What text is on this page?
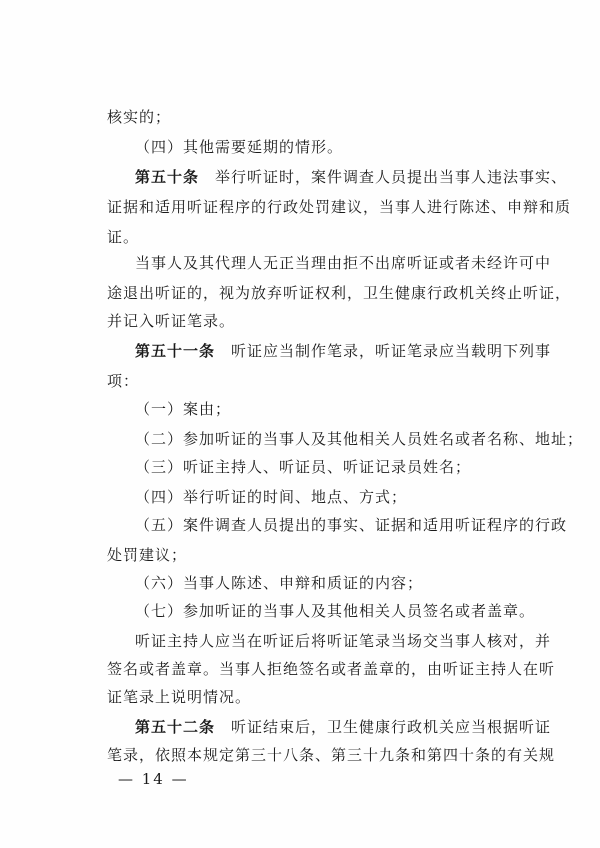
核实的；
（四）其他需要延期的情形。
第五十条　举行听证时，案件调查人员提出当事人违法事实、
证据和适用听证程序的行政处罚建议，当事人进行陈述、申辩和质
证。
当事人及其代理人无正当理由拒不出席听证或者未经许可中
途退出听证的，视为放弃听证权利，卫生健康行政机关终止听证，
并记入听证笔录。
第五十一条　听证应当制作笔录，听证笔录应当载明下列事
项：
（一）案由；
（二）参加听证的当事人及其他相关人员姓名或者名称、地址；
（三）听证主持人、听证员、听证记录员姓名；
（四）举行听证的时间、地点、方式；
（五）案件调查人员提出的事实、证据和适用听证程序的行政
处罚建议；
（六）当事人陈述、申辩和质证的内容；
（七）参加听证的当事人及其他相关人员签名或者盖章。
听证主持人应当在听证后将听证笔录当场交当事人核对，并
签名或者盖章。当事人拒绝签名或者盖章的，由听证主持人在听
证笔录上说明情况。
第五十二条　听证结束后，卫生健康行政机关应当根据听证
笔录，依照本规定第三十八条、第三十九条和第四十条的有关规
— 14 —
